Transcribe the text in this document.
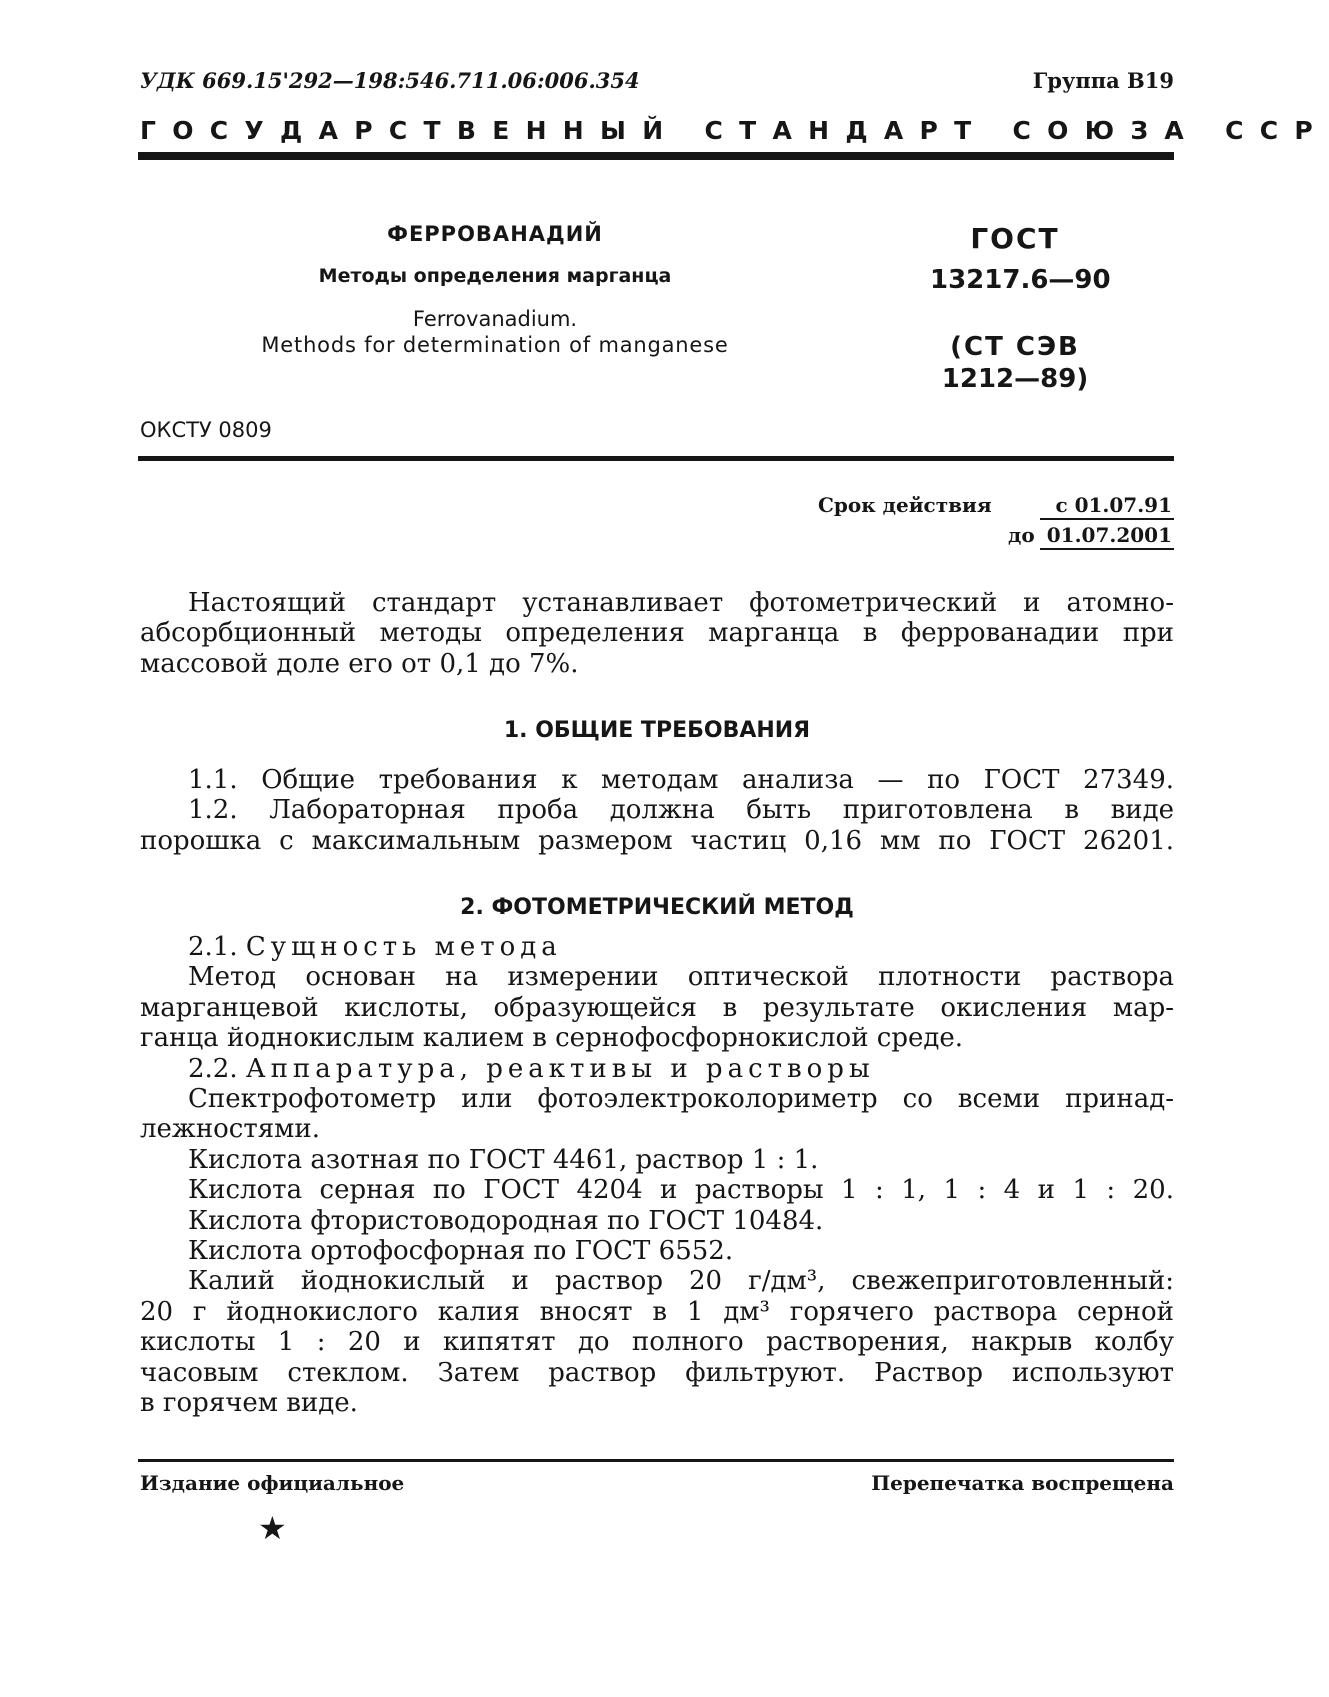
УДК 669.15'292—198:546.711.06:006.354	Группа В19
ГОСУДАРСТВЕННЫЙ СТАНДАРТ СОЮЗА ССР
ФЕРРОВАНАДИЙ
Методы определения марганца
Ferrovanadium.
Methods for determination of manganese
ГОСТ
13217.6—90
(СТ СЭВ
1212—89)
ОКСТУ 0809
Срок действия	с 01.07.91
до 01.07.2001
Настоящий стандарт устанавливает фотометрический и атомно-
абсорбционный методы определения марганца в феррованадии при
массовой доле его от 0,1 до 7%.
1. ОБЩИЕ ТРЕБОВАНИЯ
1.1. Общие требования к методам анализа — по ГОСТ 27349.
1.2. Лабораторная проба должна быть приготовлена в виде
порошка с максимальным размером частиц 0,16 мм по ГОСТ 26201.
2. ФОТОМЕТРИЧЕСКИЙ МЕТОД
2.1. Сущность метода
Метод основан на измерении оптической плотности раствора
марганцевой кислоты, образующейся в результате окисления мар-
ганца йоднокислым калием в сернофосфорнокислой среде.
2.2. Аппаратура, реактивы и растворы
Спектрофотометр или фотоэлектроколориметр со всеми принад-
лежностями.
Кислота азотная по ГОСТ 4461, раствор 1 : 1.
Кислота серная по ГОСТ 4204 и растворы 1 : 1, 1 : 4 и 1 : 20.
Кислота фтористоводородная по ГОСТ 10484.
Кислота ортофосфорная по ГОСТ 6552.
Калий йоднокислый и раствор 20 г/дм³, свежеприготовленный:
20 г йоднокислого калия вносят в 1 дм³ горячего раствора серной
кислоты 1 : 20 и кипятят до полного растворения, накрыв колбу
часовым стеклом. Затем раствор фильтруют. Раствор используют
в горячем виде.
Издание официальное	Перепечатка воспрещена
★
